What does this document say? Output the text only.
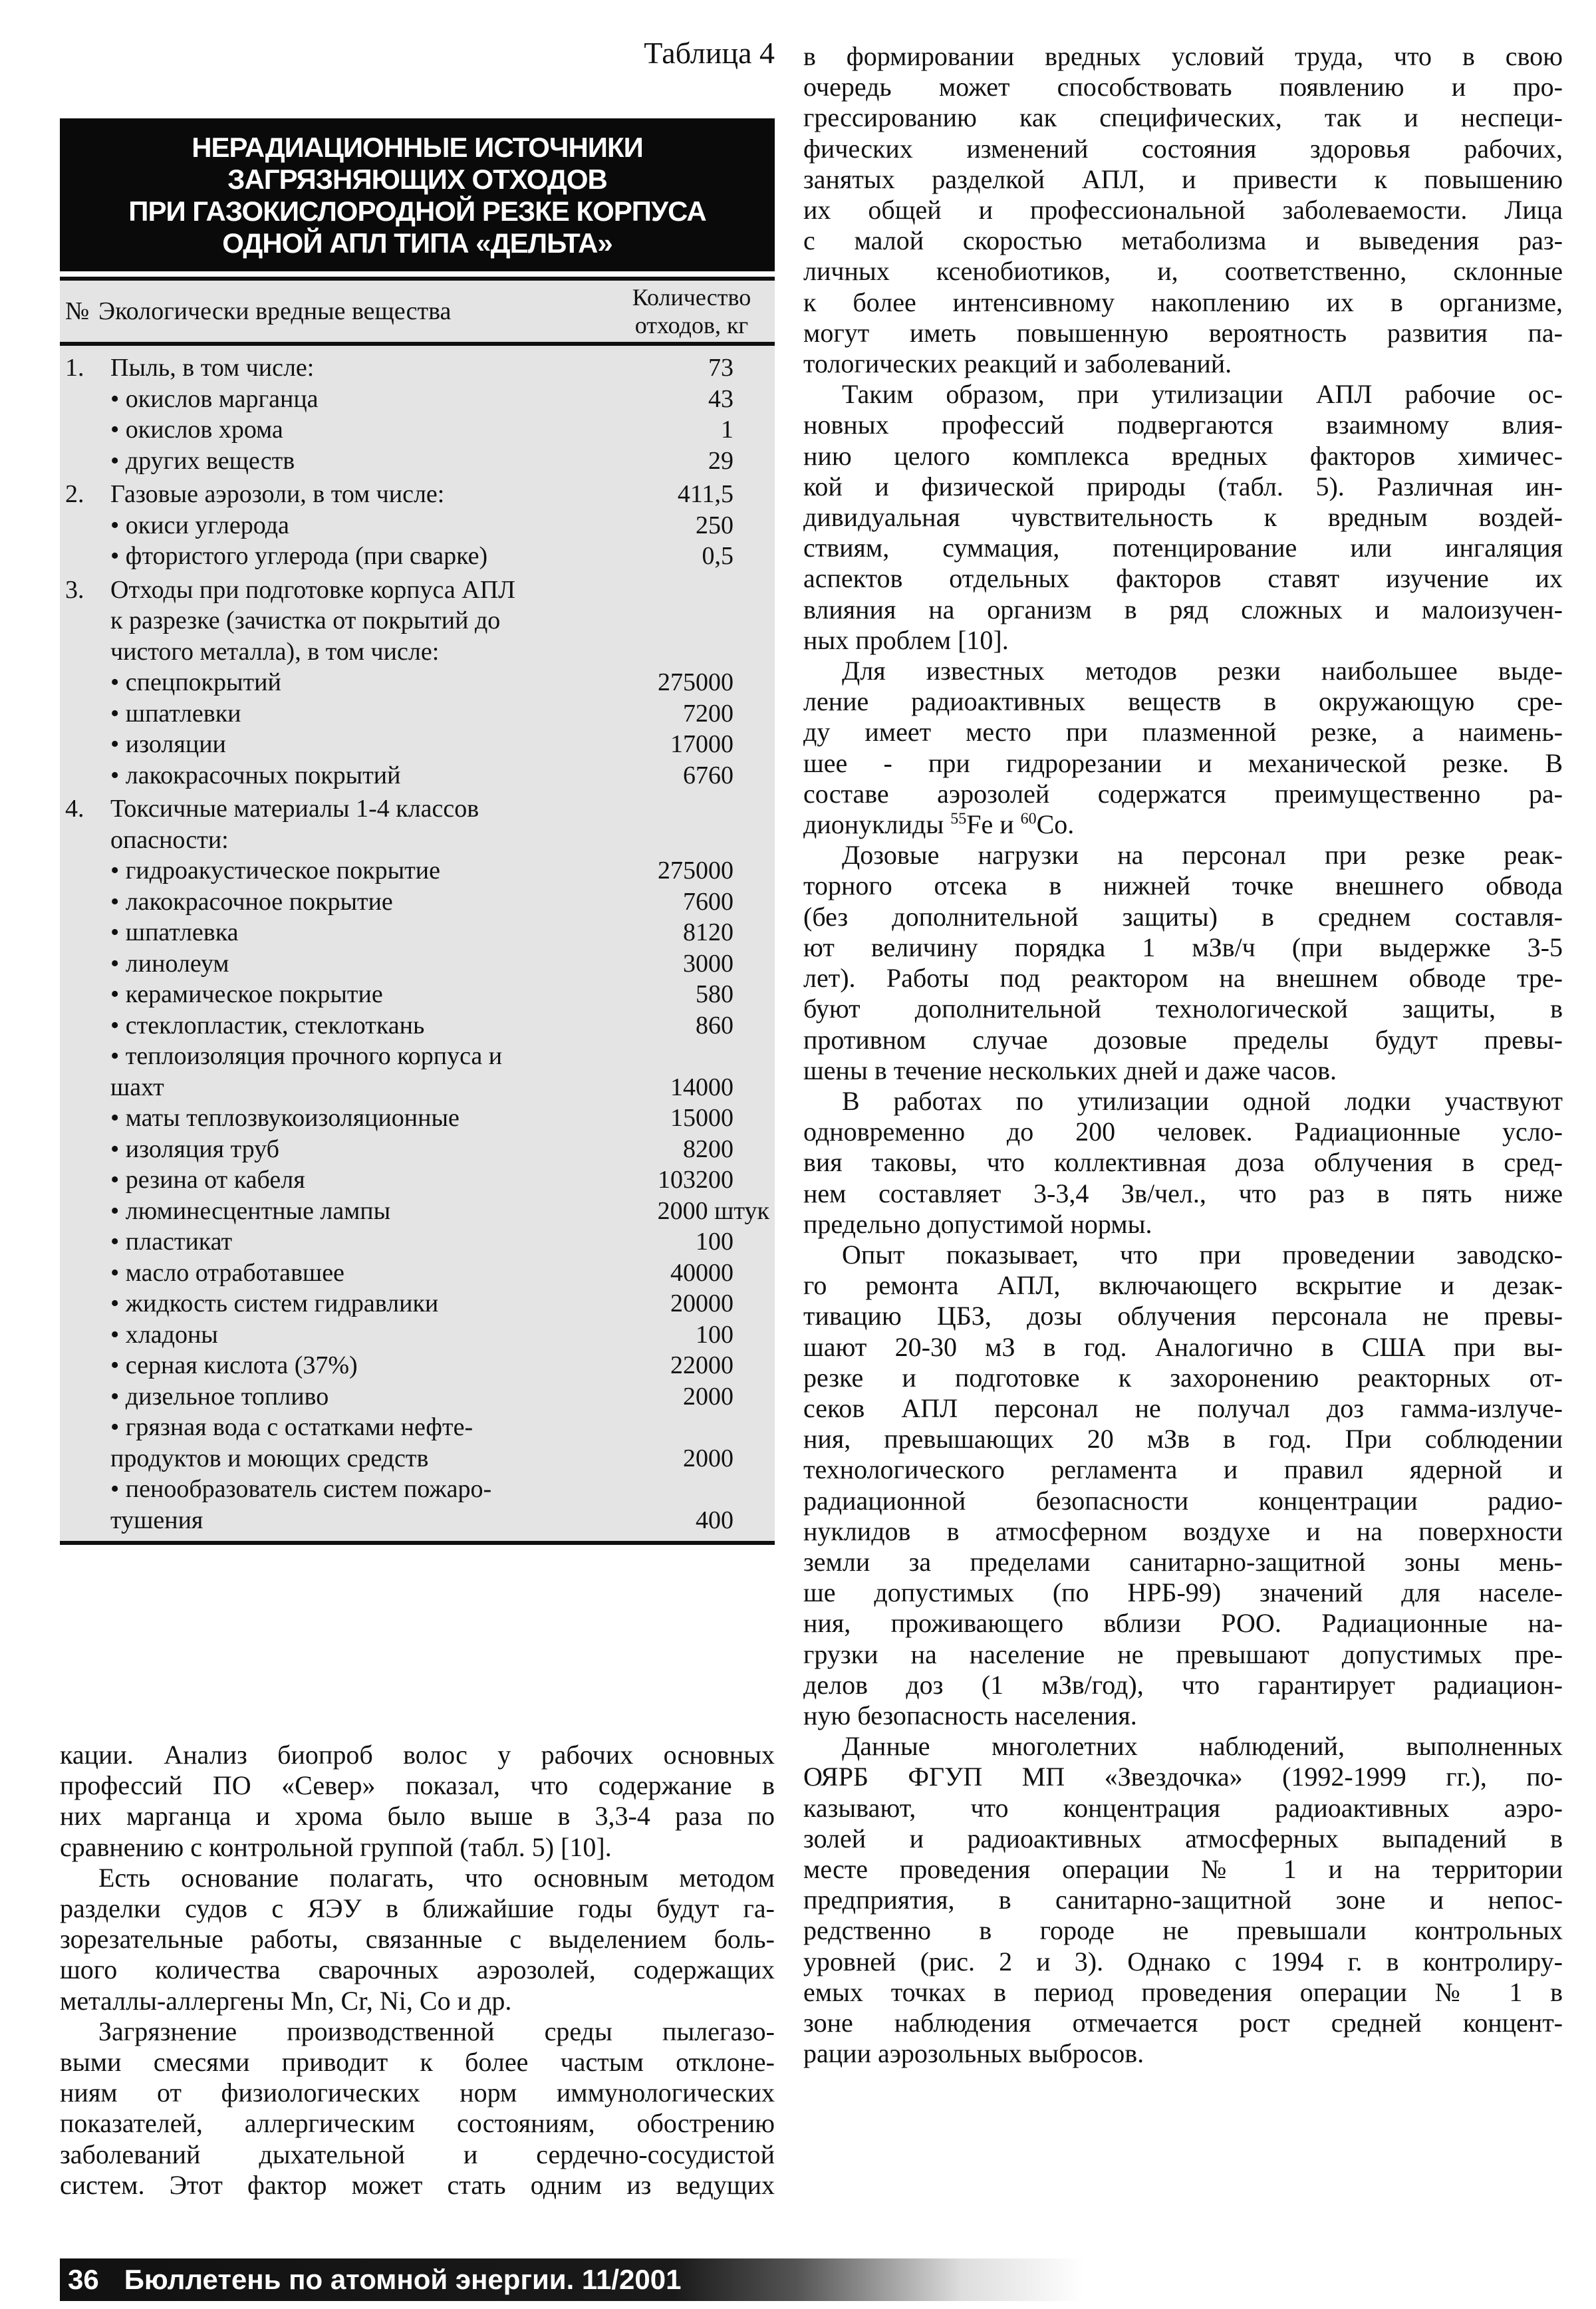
Таблица 4
НЕРАДИАЦИОННЫЕ ИСТОЧНИКИ
ЗАГРЯЗНЯЮЩИХ ОТХОДОВ
ПРИ ГАЗОКИСЛОРОДНОЙ РЕЗКЕ КОРПУСА
ОДНОЙ АПЛ ТИПА «ДЕЛЬТА»
№ Экологически вредные вещества	Количество
отходов, кг
1.	Пыль, в том числе:	73
• окислов марганца	43
• окислов хрома	1
• других веществ	29
2.	Газовые аэрозоли, в том числе:	411,5
• окиси углерода	250
• фтористого углерода (при сварке)	0,5
3.	Отходы при подготовке корпуса АПЛ
к разрезке (зачистка от покрытий до
чистого металла), в том числе:
• спецпокрытий	275000
• шпатлевки	7200
• изоляции	17000
• лакокрасочных покрытий	6760
4.	Токсичные материалы 1-4 классов
опасности:
• гидроакустическое покрытие	275000
• лакокрасочное покрытие	7600
• шпатлевка	8120
• линолеум	3000
• керамическое покрытие	580
• стеклопластик, стеклоткань	860
• теплоизоляция прочного корпуса и
шахт	14000
• маты теплозвукоизоляционные	15000
• изоляция труб	8200
• резина от кабеля	103200
• люминесцентные лампы	2000 штук
• пластикат	100
• масло отработавшее	40000
• жидкость систем гидравлики	20000
• хладоны	100
• серная кислота (37%)	22000
• дизельное топливо	2000
• грязная вода с остатками нефте-
продуктов и моющих средств	2000
• пенообразователь систем пожаро-
тушения	400
в формировании вредных условий труда, что в свою
очередь может способствовать появлению и про-
грессированию как специфических, так и неспеци-
фических изменений состояния здоровья рабочих,
занятых разделкой АПЛ, и привести к повышению
их общей и профессиональной заболеваемости. Лица
с малой скоростью метаболизма и выведения раз-
личных ксенобиотиков, и, соответственно, склонные
к более интенсивному накоплению их в организме,
могут иметь повышенную вероятность развития па-
тологических реакций и заболеваний.
Таким образом, при утилизации АПЛ рабочие ос-
новных профессий подвергаются взаимному влия-
нию целого комплекса вредных факторов химичес-
кой и физической природы (табл. 5). Различная ин-
дивидуальная чувствительность к вредным воздей-
ствиям, суммация, потенцирование или ингаляция
аспектов отдельных факторов ставят изучение их
влияния на организм в ряд сложных и малоизучен-
ных проблем [10].
Для известных методов резки наибольшее выде-
ление радиоактивных веществ в окружающую сре-
ду имеет место при плазменной резке, а наимень-
шее - при гидрорезании и механической резке. В
составе аэрозолей содержатся преимущественно ра-
дионуклиды $^{55}$Fe и $^{60}$Co.
Дозовые нагрузки на персонал при резке реак-
торного отсека в нижней точке внешнего обвода
(без дополнительной защиты) в среднем составля-
ют величину порядка 1 мЗв/ч (при выдержке 3-5
лет). Работы под реактором на внешнем обводе тре-
буют дополнительной технологической защиты, в
противном случае дозовые пределы будут превы-
шены в течение нескольких дней и даже часов.
В работах по утилизации одной лодки участвуют
одновременно до 200 человек. Радиационные усло-
вия таковы, что коллективная доза облучения в сред-
нем составляет 3-3,4 Зв/чел., что раз в пять ниже
предельно допустимой нормы.
Опыт показывает, что при проведении заводско-
го ремонта АПЛ, включающего вскрытие и дезак-
тивацию ЦБЗ, дозы облучения персонала не превы-
шают 20-30 мЗ в год. Аналогично в США при вы-
резке и подготовке к захоронению реакторных от-
секов АПЛ персонал не получал доз гамма-излуче-
ния, превышающих 20 мЗв в год. При соблюдении
технологического регламента и правил ядерной и
радиационной безопасности концентрации радио-
нуклидов в атмосферном воздухе и на поверхности
земли за пределами санитарно-защитной зоны мень-
ше допустимых (по НРБ-99) значений для населе-
ния, проживающего вблизи РОО. Радиационные на-
грузки на население не превышают допустимых пре-
делов доз (1 мЗв/год), что гарантирует радиацион-
ную безопасность населения.
Данные многолетних наблюдений, выполненных
ОЯРБ ФГУП МП «Звездочка» (1992-1999 гг.), по-
казывают, что концентрация радиоактивных аэро-
золей и радиоактивных атмосферных выпадений в
месте проведения операции № 1 и на территории
предприятия, в санитарно-защитной зоне и непос-
редственно в городе не превышали контрольных
уровней (рис. 2 и 3). Однако с 1994 г. в контролиру-
емых точках в период проведения операции № 1 в
зоне наблюдения отмечается рост средней концент-
рации аэрозольных выбросов.
кации. Анализ биопроб волос у рабочих основных
профессий ПО «Север» показал, что содержание в
них марганца и хрома было выше в 3,3-4 раза по
сравнению с контрольной группой (табл. 5) [10].
Есть основание полагать, что основным методом
разделки судов с ЯЭУ в ближайшие годы будут га-
зорезательные работы, связанные с выделением боль-
шого количества сварочных аэрозолей, содержащих
металлы-аллергены Mn, Cr, Ni, Co и др.
Загрязнение производственной среды пылегазо-
выми смесями приводит к более частым отклоне-
ниям от физиологических норм иммунологических
показателей, аллергическим состояниям, обострению
заболеваний дыхательной и сердечно-сосудистой
систем. Этот фактор может стать одним из ведущих
36 Бюллетень по атомной энергии. 11/2001
